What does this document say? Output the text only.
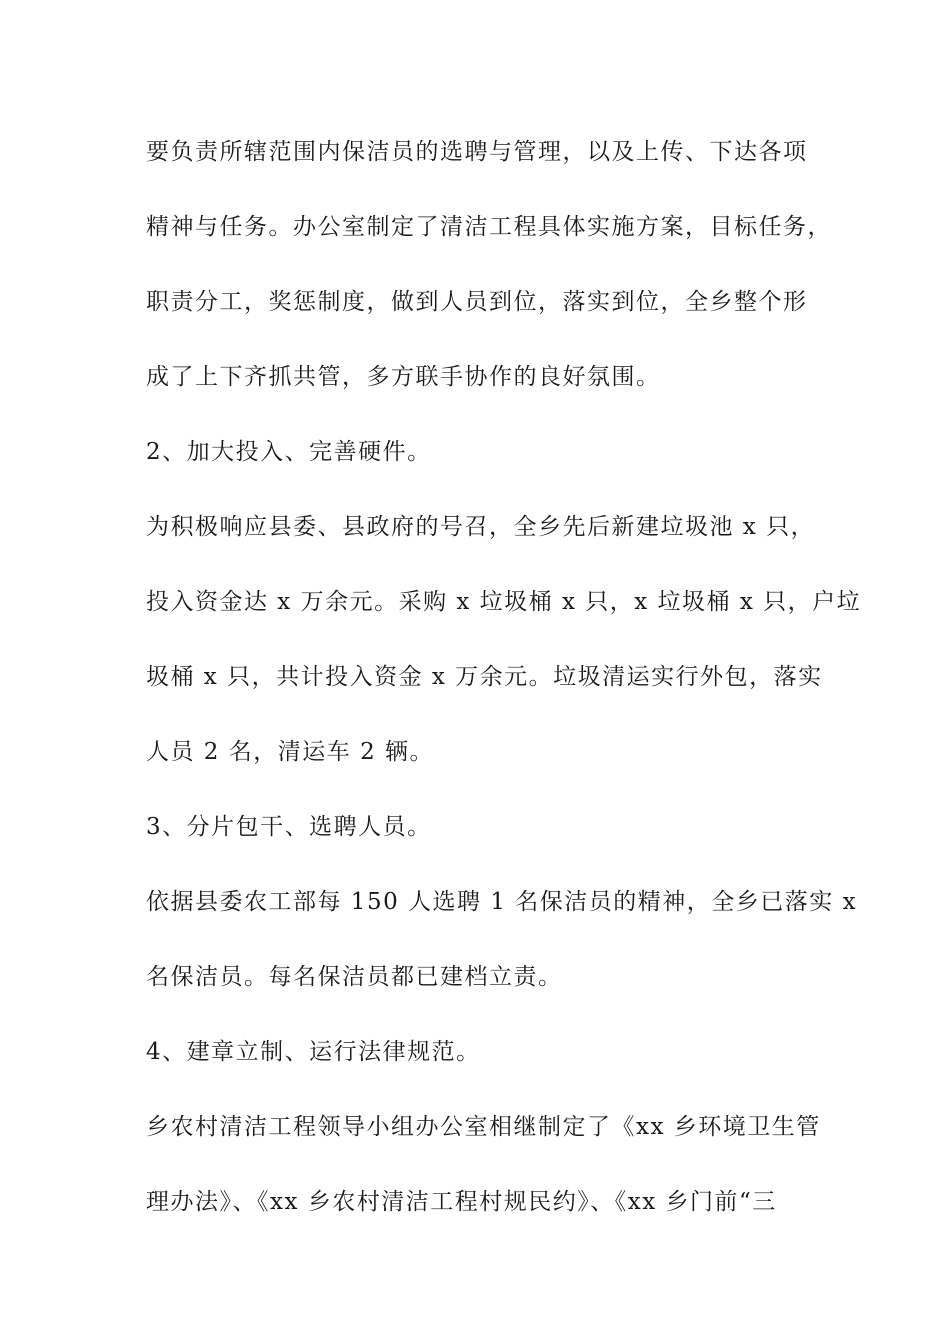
要负责所辖范围内保洁员的选聘与管理，以及上传、下达各项
精神与任务。办公室制定了清洁工程具体实施方案，目标任务，
职责分工，奖惩制度，做到人员到位，落实到位，全乡整个形
成了上下齐抓共管，多方联手协作的良好氛围。
2、加大投入、完善硬件。
为积极响应县委、县政府的号召，全乡先后新建垃圾池 x 只，
投入资金达 x 万余元。采购 x 垃圾桶 x 只，x 垃圾桶 x 只，户垃
圾桶 x 只，共计投入资金 x 万余元。垃圾清运实行外包，落实
人员 2 名，清运车 2 辆。
3、分片包干、选聘人员。
依据县委农工部每 150 人选聘 1 名保洁员的精神，全乡已落实 x
名保洁员。每名保洁员都已建档立责。
4、建章立制、运行法律规范。
乡农村清洁工程领导小组办公室相继制定了《xx 乡环境卫生管
理办法》、《xx 乡农村清洁工程村规民约》、《xx 乡门前“三
